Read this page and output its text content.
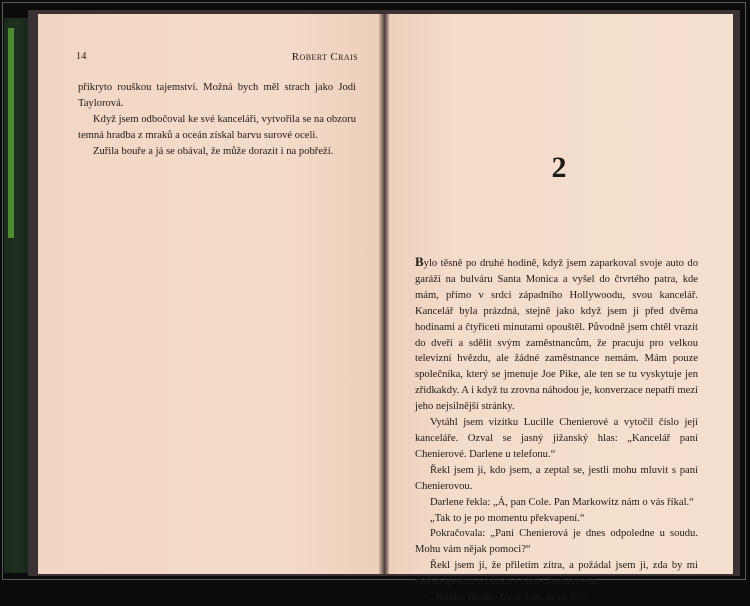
14	Robert Crais

přikryto rouškou tajemství. Možná bych měl strach jako Jodi Taylorová.

Když jsem odbočoval ke své kanceláři, vytvořila se na obzoru temná hradba z mraků a oceán získal barvu surové oceli.

Zuřila bouře a já se obával, že může dorazit i na pobřeží.	2

Bylo těsně po druhé hodině, když jsem zaparkoval svoje auto do garáží na bulváru Santa Monica a vyšel do čtvrtého patra, kde mám, přímo v srdci západního Hollywoodu, svou kancelář. Kancelář byla prázdná, stejně jako když jsem ji před dvěma hodinami a čtyřiceti minutami opouštěl. Původně jsem chtěl vrazit do dveří a sdělit svým zaměstnancům, že pracuju pro velkou televizní hvězdu, ale žádné zaměstnance nemám. Mám pouze společníka, který se jmenuje Joe Pike, ale ten se tu vyskytuje jen zřídkakdy. A i když tu zrovna náhodou je, konverzace nepatří mezi jeho nejsilnější stránky.

Vytáhl jsem vizitku Lucille Chenierové a vytočil číslo její kanceláře. Ozval se jasný jižanský hlas: „Kancelář paní Chenierové. Darlene u telefonu.“

Řekl jsem jí, kdo jsem, a zeptal se, jestli mohu mluvit s paní Chenierovou.

Darlene řekla: „Á, pan Cole. Pan Markowitz nám o vás říkal.“

„Tak to je po momentu překvapení.“

Pokračovala: „Paní Chenierová je dnes odpoledne u soudu. Mohu vám nějak pomoci?“

Řekl jsem jí, že přiletím zítra, a požádal jsem ji, zda by mi mohla sjednat schůzku s paní Chenierovou.

„Jistěže. Hodilo by se vám to ve tři?“
